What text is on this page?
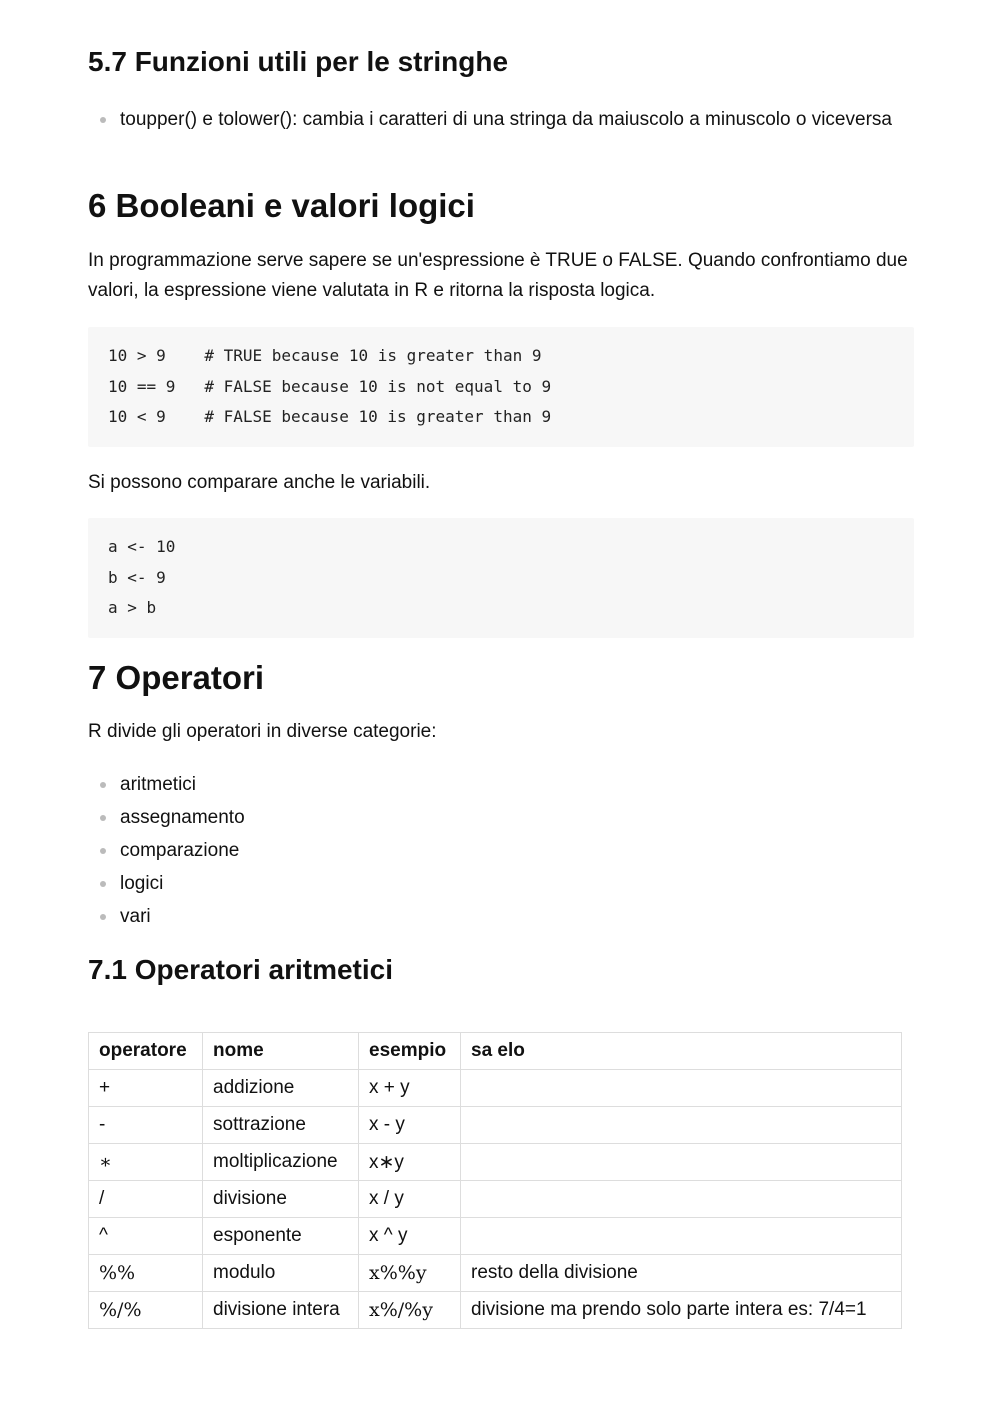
5.7 Funzioni utili per le stringhe
toupper() e tolower(): cambia i caratteri di una stringa da maiuscolo a minuscolo o viceversa
6 Booleani e valori logici

In programmazione serve sapere se un'espressione è TRUE o FALSE. Quando confrontiamo due valori, la espressione viene valutata in R e ritorna la risposta logica.

10 > 9    # TRUE because 10 is greater than 9
10 == 9   # FALSE because 10 is not equal to 9
10 < 9    # FALSE because 10 is greater than 9

Si possono comparare anche le variabili.

a <- 10
b <- 9
a > b
7 Operatori

R divide gli operatori in diverse categorie:

aritmetici
assegnamento
comparazione
logici
vari
7.1 Operatori aritmetici
operatore	nome	esempio	sa elo
+	addizione	x + y	
-	sottrazione	x - y	
∗	moltiplicazione	x∗y	
/	divisione	x / y	
^	esponente	x ^ y	
%%	modulo	x%%y	resto della divisione
%/%	divisione intera	x%/%y	divisione ma prendo solo parte intera es: 7/4=1
